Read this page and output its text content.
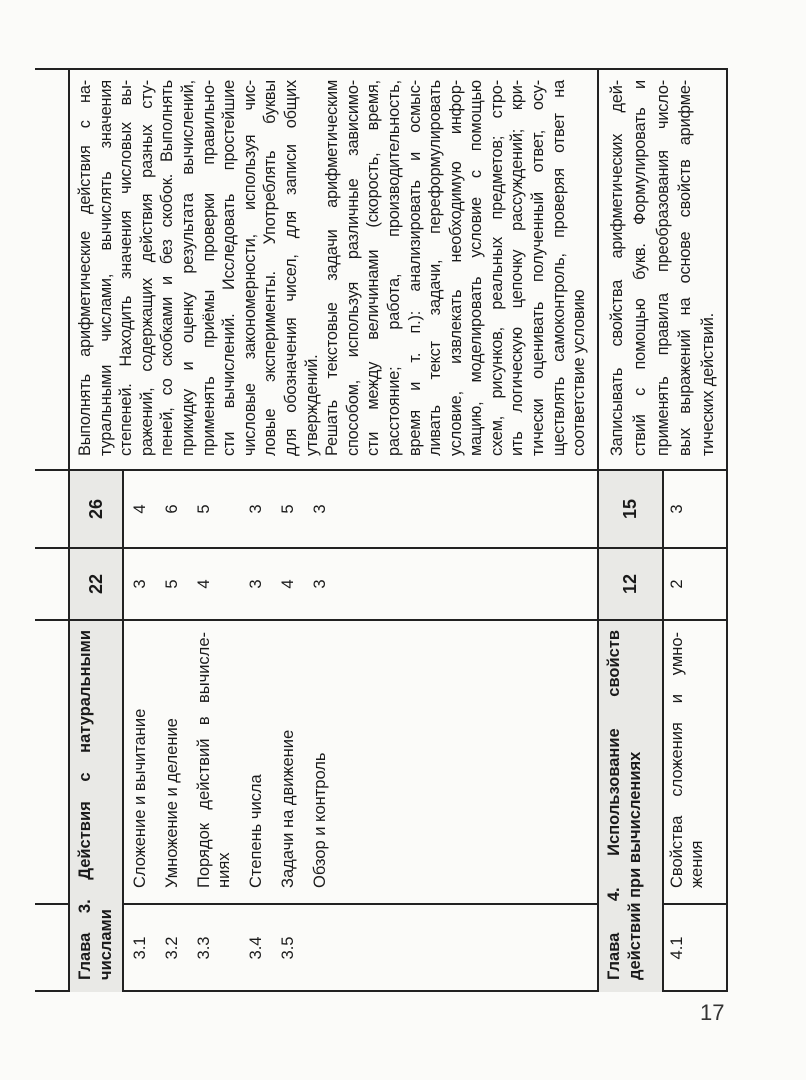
Глава 3. Действия с натуральными числами
22
26
3.1
Сложение и вычитание
3
4
3.2
Умножение и деление
5
6
3.3
Порядок действий в вычисле- ниях
4
5
3.4
Степень числа
3
3
3.5
Задачи на движение
4
5
Обзор и контроль
3
3
Выполнять арифметические действия с на- туральными числами, вычислять значения степеней. Находить значения числовых вы- ражений, содержащих действия разных сту- пеней, со скобками и без скобок. Выполнять прикидку и оценку результата вычислений, применять приёмы проверки правильно- сти вычислений. Исследовать простейшие числовые закономерности, используя чис- ловые эксперименты. Употреблять буквы для обозначения чисел, для записи общих утверждений. Решать текстовые задачи арифметическим способом, используя различные зависимо- сти между величинами (скорость, время, расстояние; работа, производительность, время и т. п.): анализировать и осмыс- ливать текст задачи, переформулировать условие, извлекать необходимую инфор- мацию, моделировать условие с помощью схем, рисунков, реальных предметов; стро- ить логическую цепочку рассуждений; кри- тически оценивать полученный ответ, осу- ществлять самоконтроль, проверяя ответ на соответствие условию
Глава 4. Использование свойств действий при вычислениях
12
15
4.1
Свойства сложения и умно- жения
2
3
Записывать свойства арифметических дей- ствий с помощью букв. Формулировать и применять правила преобразования число- вых выражений на основе свойств арифме- тических действий.
17
